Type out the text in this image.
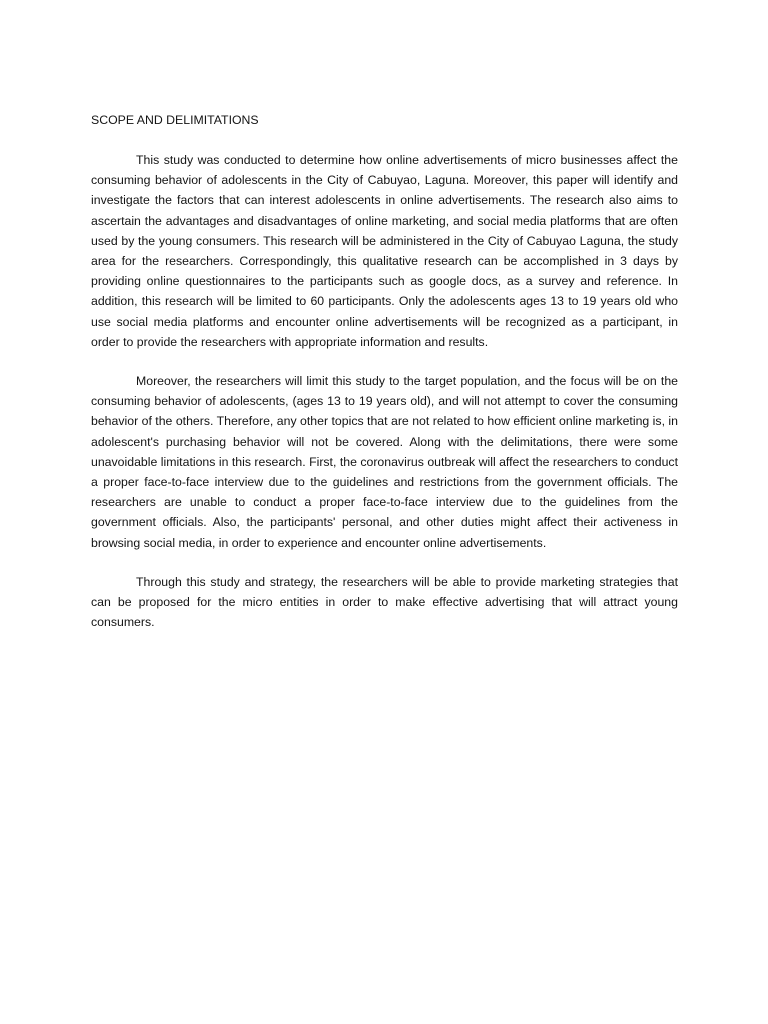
SCOPE AND DELIMITATIONS

This study was conducted to determine how online advertisements of micro businesses affect the consuming behavior of adolescents in the City of Cabuyao, Laguna. Moreover, this paper will identify and investigate the factors that can interest adolescents in online advertisements. The research also aims to ascertain the advantages and disadvantages of online marketing, and social media platforms that are often used by the young consumers. This research will be administered in the City of Cabuyao Laguna, the study area for the researchers. Correspondingly, this qualitative research can be accomplished in 3 days by providing online questionnaires to the participants such as google docs, as a survey and reference. In addition, this research will be limited to 60 participants. Only the adolescents ages 13 to 19 years old who use social media platforms and encounter online advertisements will be recognized as a participant, in order to provide the researchers with appropriate information and results.

Moreover, the researchers will limit this study to the target population, and the focus will be on the consuming behavior of adolescents, (ages 13 to 19 years old), and will not attempt to cover the consuming behavior of the others. Therefore, any other topics that are not related to how efficient online marketing is, in adolescent's purchasing behavior will not be covered. Along with the delimitations, there were some unavoidable limitations in this research. First, the coronavirus outbreak will affect the researchers to conduct a proper face-to-face interview due to the guidelines and restrictions from the government officials. The researchers are unable to conduct a proper face-to-face interview due to the guidelines from the government officials. Also, the participants' personal, and other duties might affect their activeness in browsing social media, in order to experience and encounter online advertisements.

Through this study and strategy, the researchers will be able to provide marketing strategies that can be proposed for the micro entities in order to make effective advertising that will attract young consumers.
